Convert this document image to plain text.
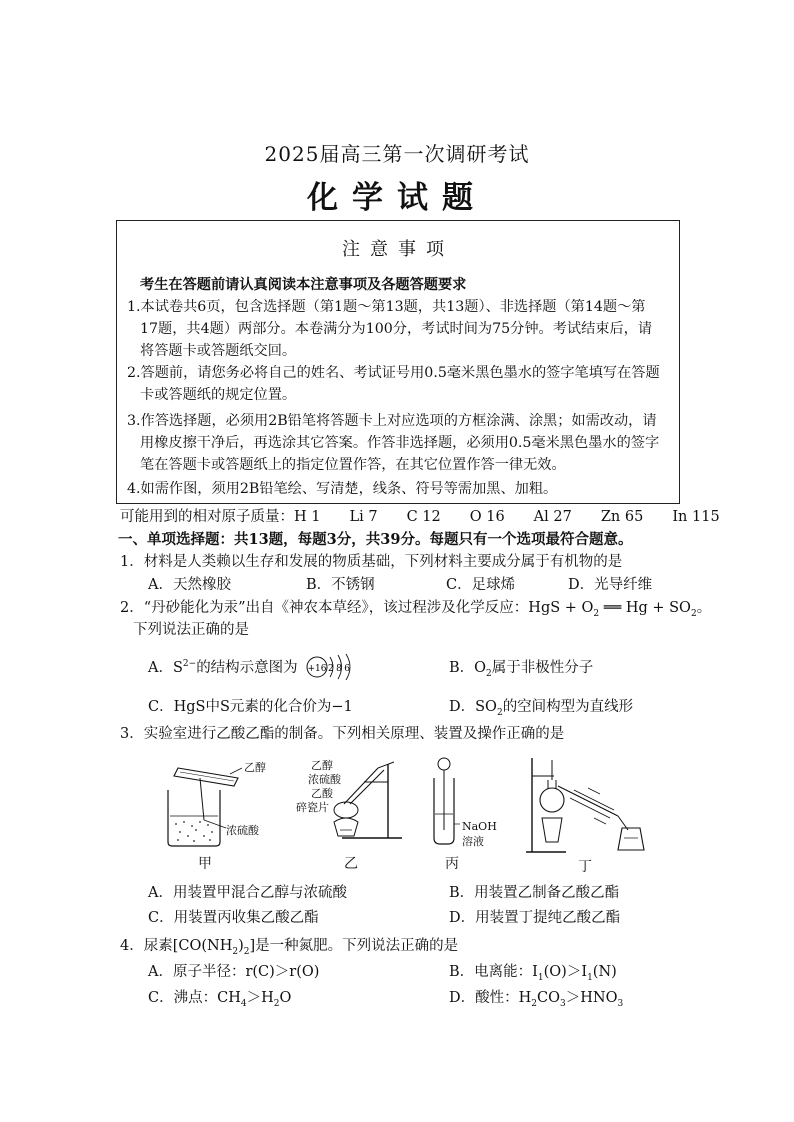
2025届高三第一次调研考试
化学试题
注意事项
考生在答题前请认真阅读本注意事项及各题答题要求
1.本试卷共6页，包含选择题（第1题～第13题，共13题）、非选择题（第14题～第
17题，共4题）两部分。本卷满分为100分，考试时间为75分钟。考试结束后，请
将答题卡或答题纸交回。
2.答题前，请您务必将自己的姓名、考试证号用0.5毫米黑色墨水的签字笔填写在答题
卡或答题纸的规定位置。
3.作答选择题，必须用2B铅笔将答题卡上对应选项的方框涂满、涂黑；如需改动，请
用橡皮擦干净后，再选涂其它答案。作答非选择题，必须用0.5毫米黑色墨水的签字
笔在答题卡或答题纸上的指定位置作答，在其它位置作答一律无效。
4.如需作图，须用2B铅笔绘、写清楚，线条、符号等需加黑、加粗。
可能用到的相对原子质量：H 1　　Li 7　　C 12　　O 16　　Al 27　　Zn 65　　In 115
一、单项选择题：共13题，每题3分，共39分。每题只有一个选项最符合题意。
1．材料是人类赖以生存和发展的物质基础，下列材料主要成分属于有机物的是
A．天然橡胶	B．不锈钢	C．足球烯	D．光导纤维
2．“丹砂能化为汞”出自《神农本草经》，该过程涉及化学反应：HgS + $O_2$ ══ $Hg + SO_2$。
下列说法正确的是
A．$S^{2-}$的结构示意图为 +16 286	B．$O_2$属于非极性分子
C．HgS中S元素的化合价为−1	D．$SO_2$的空间构型为直线形
3．实验室进行乙酸乙酯的制备。下列相关原理、装置及操作正确的是
乙醇
浓硫酸
乙醇
浓硫酸
乙酸
碎瓷片
NaOH
溶液
甲	乙	丙	丁
A．用装置甲混合乙醇与浓硫酸	B．用装置乙制备乙酸乙酯
C．用装置丙收集乙酸乙酯	D．用装置丁提纯乙酸乙酯
4．尿素$[CO(NH_2)_2]$是一种氮肥。下列说法正确的是
A．原子半径：r(C)＞r(O)	B．电离能：$I_1(O)>I_1(N)$
C．沸点：$CH_4>H_2O$	D．酸性：$H_2CO_3>HNO_3$
